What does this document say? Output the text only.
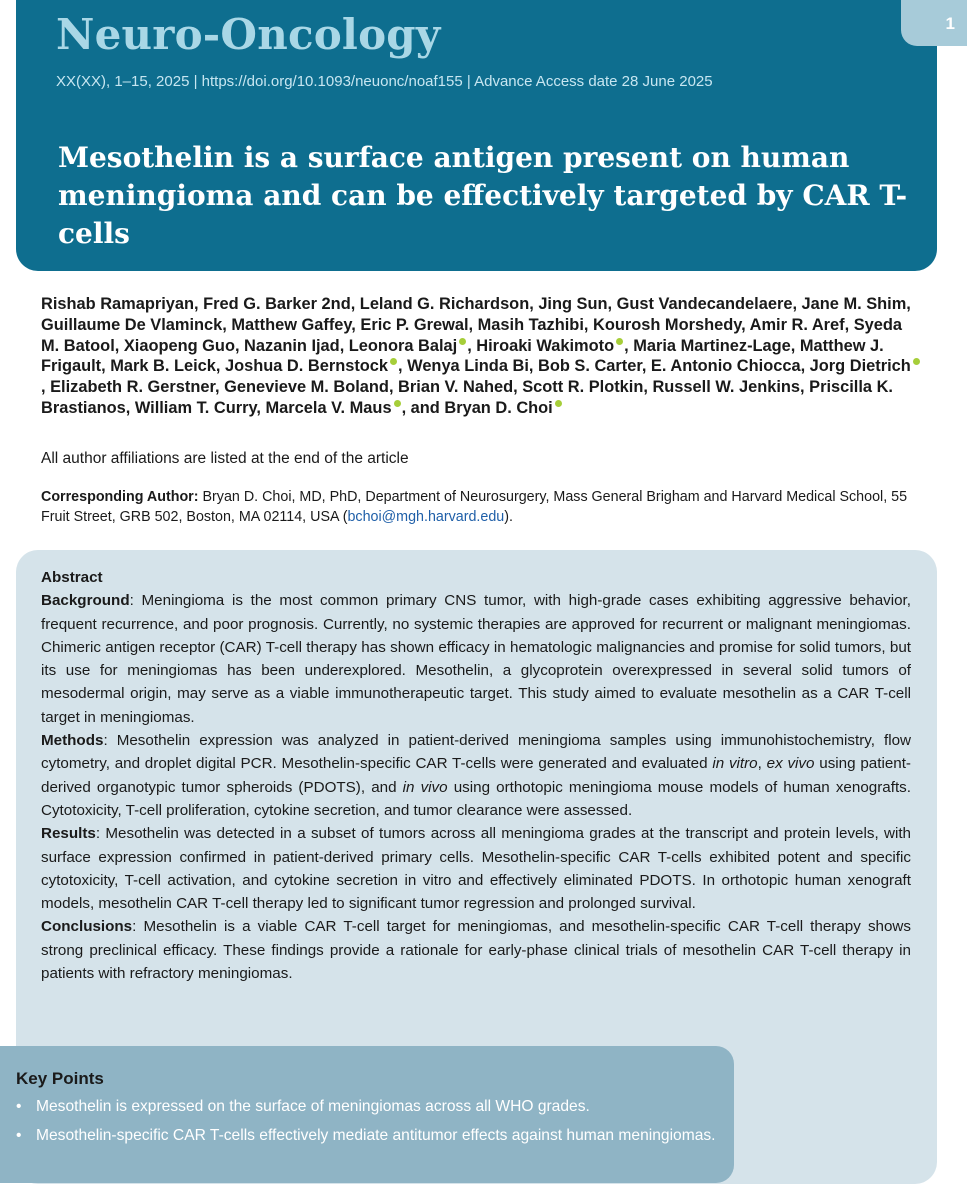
Neuro-Oncology
XX(XX), 1–15, 2025 | https://doi.org/10.1093/neuonc/noaf155 | Advance Access date 28 June 2025
Mesothelin is a surface antigen present on human meningioma and can be effectively targeted by CAR T-cells
1
Rishab Ramapriyan, Fred G. Barker 2nd, Leland G. Richardson, Jing Sun, Gust Vandecandelaere, Jane M. Shim, Guillaume De Vlaminck, Matthew Gaffey, Eric P. Grewal, Masih Tazhibi, Kourosh Morshedy, Amir R. Aref, Syeda M. Batool, Xiaopeng Guo, Nazanin Ijad, Leonora Balaj , Hiroaki Wakimoto , Maria Martinez-Lage, Matthew J. Frigault, Mark B. Leick, Joshua D. Bernstock , Wenya Linda Bi, Bob S. Carter, E. Antonio Chiocca, Jorg Dietrich, Elizabeth R. Gerstner, Genevieve M. Boland, Brian V. Nahed, Scott R. Plotkin, Russell W. Jenkins, Priscilla K. Brastianos, William T. Curry, Marcela V. Maus , and Bryan D. Choi
All author affiliations are listed at the end of the article
Corresponding Author: Bryan D. Choi, MD, PhD, Department of Neurosurgery, Mass General Brigham and Harvard Medical School, 55 Fruit Street, GRB 502, Boston, MA 02114, USA (bchoi@mgh.harvard.edu).

Abstract

Background: Meningioma is the most common primary CNS tumor, with high-grade cases exhibiting aggressive behavior, frequent recurrence, and poor prognosis. Currently, no systemic therapies are approved for recurrent or malignant meningiomas. Chimeric antigen receptor (CAR) T-cell therapy has shown efficacy in hematologic malignancies and promise for solid tumors, but its use for meningiomas has been underexplored. Mesothelin, a glycoprotein overexpressed in several solid tumors of mesodermal origin, may serve as a viable immunotherapeutic target. This study aimed to evaluate mesothelin as a CAR T-cell target in meningiomas.

Methods: Mesothelin expression was analyzed in patient-derived meningioma samples using immunohistochemistry, flow cytometry, and droplet digital PCR. Mesothelin-specific CAR T-cells were generated and evaluated in vitro, ex vivo using patient-derived organotypic tumor spheroids (PDOTS), and in vivo using orthotopic meningioma mouse models of human xenografts. Cytotoxicity, T-cell proliferation, cytokine secretion, and tumor clearance were assessed.

Results: Mesothelin was detected in a subset of tumors across all meningioma grades at the transcript and protein levels, with surface expression confirmed in patient-derived primary cells. Mesothelin-specific CAR T-cells exhibited potent and specific cytotoxicity, T-cell activation, and cytokine secretion in vitro and effectively eliminated PDOTS. In orthotopic human xenograft models, mesothelin CAR T-cell therapy led to significant tumor regression and prolonged survival.

Conclusions: Mesothelin is a viable CAR T-cell target for meningiomas, and mesothelin-specific CAR T-cell therapy shows strong preclinical efficacy. These findings provide a rationale for early-phase clinical trials of mesothelin CAR T-cell therapy in patients with refractory meningiomas.

Key Points
• Mesothelin is expressed on the surface of meningiomas across all WHO grades.
• Mesothelin-specific CAR T-cells effectively mediate antitumor effects against human meningiomas.
